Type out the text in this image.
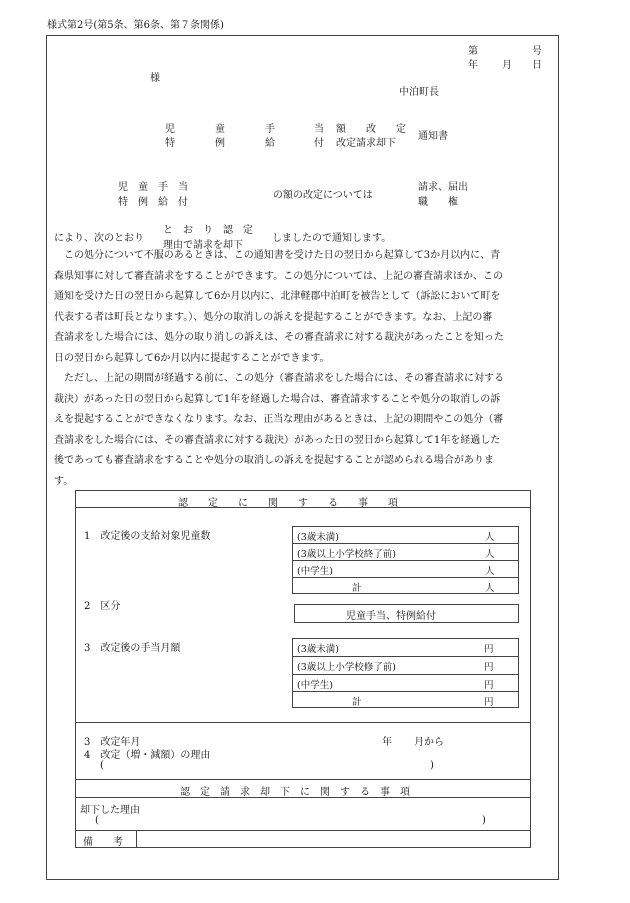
様式第2号(第5条、第6条、第７条関係)
第	号
年 月 日
様
中泊町長
児	童	手	当 額 改 定
特	例	給	付 改定請求却下
通知書
児　童　手　当
特　例　給　付
の額の改定については
請求、届出
職　　権
により、次のとおり
と　お　り　認　定
理由で請求を却下
しましたので通知します。
　この処分について不服のあるときは、この通知書を受けた日の翌日から起算して3か月以内に、青
森県知事に対して審査請求をすることができます。この処分については、上記の審査請求ほか、この
通知を受けた日の翌日から起算して6か月以内に、北津軽郡中泊町を被告として（訴訟において町を
代表する者は町長となります。）、処分の取消しの訴えを提起することができます。なお、上記の審
査請求をした場合には、処分の取り消しの訴えは、その審査請求に対する裁決があったことを知った
日の翌日から起算して6か月以内に提起することができます。
　ただし、上記の期間が経過する前に、この処分（審査請求をした場合には、その審査請求に対する
裁決）があった日の翌日から起算して1年を経過した場合は、審査請求することや処分の取消しの訴
えを提起することができなくなります。なお、正当な理由があるときは、上記の期間やこの処分（審
査請求をした場合には、その審査請求に対する裁決）があった日の翌日から起算して1年を経過した
後であっても審査請求をすることや処分の取消しの訴えを提起することが認められる場合がありま
す。
認　　定　　に　　関　　す　　る　　事　　項
1　改定後の支給対象児童数	(3歳未満)	人
(3歳以上小学校終了前)	人
(中学生)	人
計	人
2　区分
児童手当、特例給付
3　改定後の手当月額	(3歳未満)	円
(3歳以上小学校修了前)	円
(中学生)	円
計	円
3　改定年月	年 月から
4　改定（増・減額）の理由
(	)
認　定　請　求　却　下　に　関　す　る　事　項
却下した理由
(	)
備　　考
